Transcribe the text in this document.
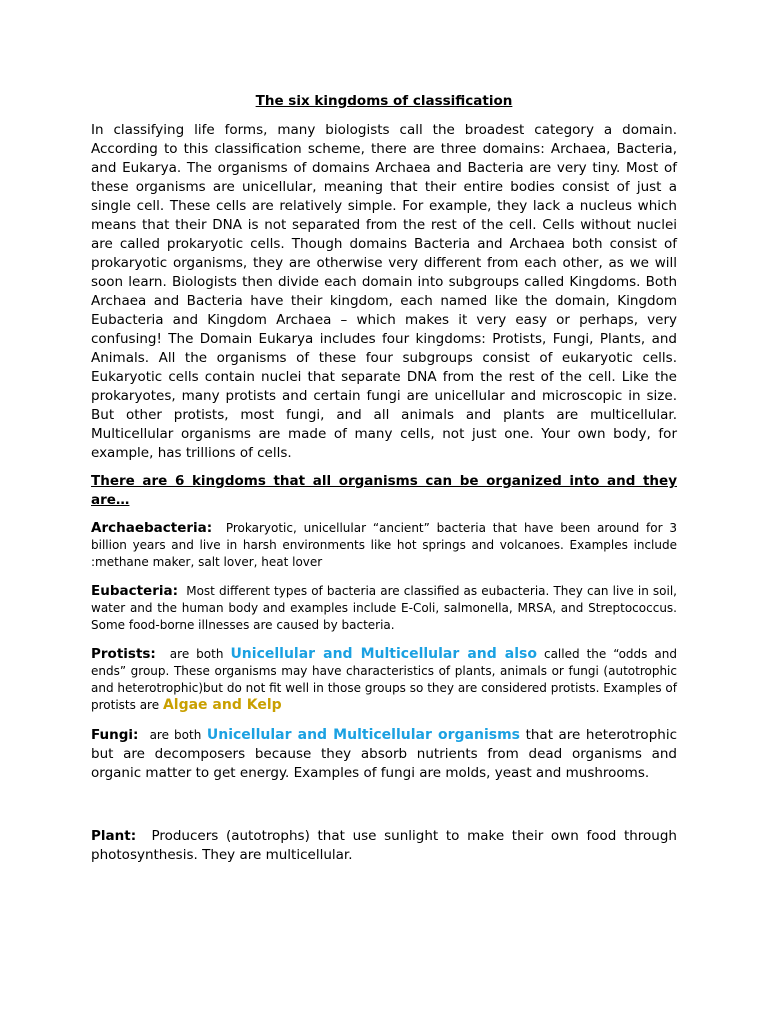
The six kingdoms of classification

In classifying life forms, many biologists call the broadest category a domain. According to this classification scheme, there are three domains: Archaea, Bacteria, and Eukarya. The organisms of domains Archaea and Bacteria are very tiny. Most of these organisms are unicellular, meaning that their entire bodies consist of just a single cell. These cells are relatively simple. For example, they lack a nucleus which means that their DNA is not separated from the rest of the cell. Cells without nuclei are called prokaryotic cells. Though domains Bacteria and Archaea both consist of prokaryotic organisms, they are otherwise very different from each other, as we will soon learn. Biologists then divide each domain into subgroups called Kingdoms. Both Archaea and Bacteria have their kingdom, each named like the domain, Kingdom Eubacteria and Kingdom Archaea – which makes it very easy or perhaps, very confusing! The Domain Eukarya includes four kingdoms: Protists, Fungi, Plants, and Animals. All the organisms of these four subgroups consist of eukaryotic cells. Eukaryotic cells contain nuclei that separate DNA from the rest of the cell. Like the prokaryotes, many protists and certain fungi are unicellular and microscopic in size. But other protists, most fungi, and all animals and plants are multicellular. Multicellular organisms are made of many cells, not just one. Your own body, for example, has trillions of cells.

There are 6 kingdoms that all organisms can be organized into and they are…

Archaebacteria: Prokaryotic, unicellular “ancient” bacteria that have been around for 3 billion years and live in harsh environments like hot springs and volcanoes. Examples include :methane maker, salt lover, heat lover

Eubacteria: Most different types of bacteria are classified as eubacteria. They can live in soil, water and the human body and examples include E-Coli, salmonella, MRSA, and Streptococcus. Some food-borne illnesses are caused by bacteria.

Protists: are both Unicellular and Multicellular and also called the “odds and ends” group. These organisms may have characteristics of plants, animals or fungi (autotrophic and heterotrophic)but do not fit well in those groups so they are considered protists. Examples of protists are Algae and Kelp

Fungi: are both Unicellular and Multicellular organisms that are heterotrophic but are decomposers because they absorb nutrients from dead organisms and organic matter to get energy. Examples of fungi are molds, yeast and mushrooms.

Plant: Producers (autotrophs) that use sunlight to make their own food through photosynthesis. They are multicellular.
